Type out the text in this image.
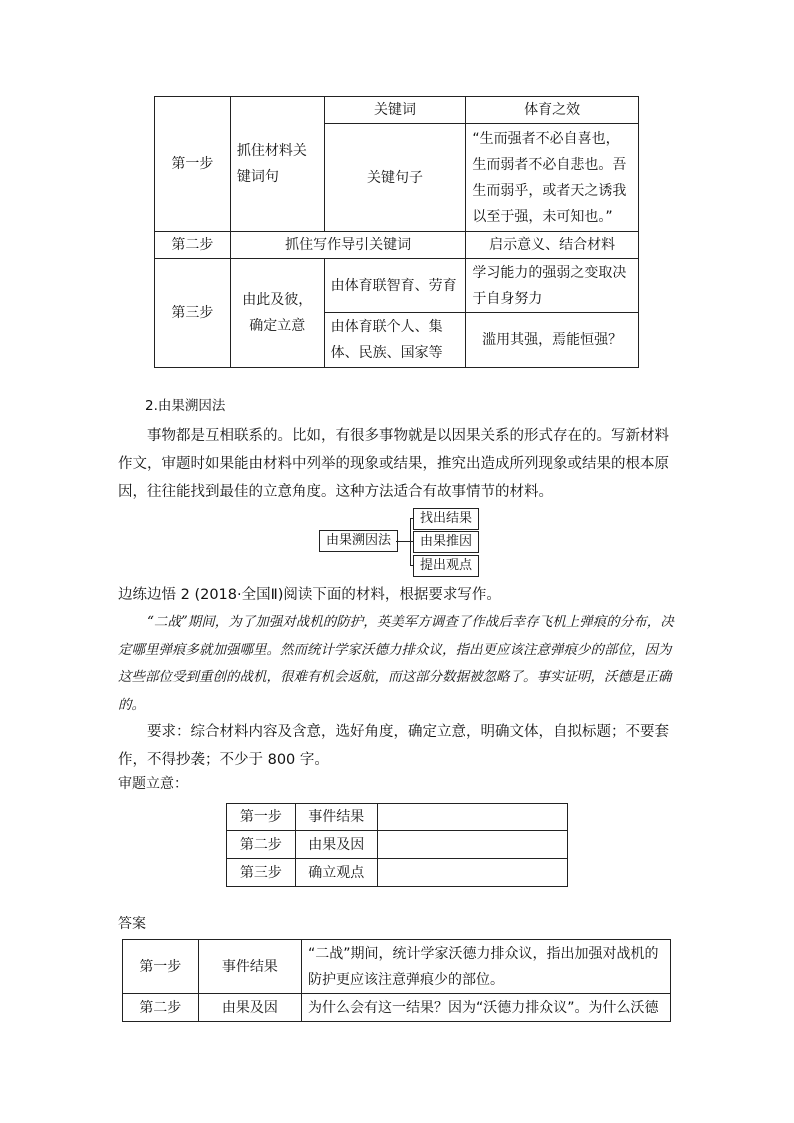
第一步	抓住材料关键词句	关键词	体育之效
		关键句子	“生而强者不必自喜也，生而弱者不必自悲也。吾生而弱乎，或者天之诱我以至于强，未可知也。”
第二步	抓住写作导引关键词		启示意义、结合材料
第三步	由此及彼，确定立意	由体育联智育、劳育	学习能力的强弱之变取决于自身努力
		由体育联个人、集体、民族、国家等	滥用其强，焉能恒强？
2.由果溯因法
事物都是互相联系的。比如，有很多事物就是以因果关系的形式存在的。写新材料作文，审题时如果能由材料中列举的现象或结果，推究出造成所列现象或结果的根本原因，往往能找到最佳的立意角度。这种方法适合有故事情节的材料。
由果溯因法
找出结果
由果推因
提出观点
边练边悟 2 (2018·全国Ⅱ)阅读下面的材料，根据要求写作。
“二战”期间，为了加强对战机的防护，英美军方调查了作战后幸存飞机上弹痕的分布，决定哪里弹痕多就加强哪里。然而统计学家沃德力排众议，指出更应该注意弹痕少的部位，因为这些部位受到重创的战机，很难有机会返航，而这部分数据被忽略了。事实证明，沃德是正确的。
要求：综合材料内容及含意，选好角度，确定立意，明确文体，自拟标题；不要套作，不得抄袭；不少于 800 字。
审题立意：
第一步	事件结果	
第二步	由果及因	
第三步	确立观点	
答案
第一步	事件结果	“二战”期间，统计学家沃德力排众议，指出加强对战机的防护更应该注意弹痕少的部位。
第二步	由果及因	为什么会有这一结果？因为“沃德力排众议”。为什么沃德
